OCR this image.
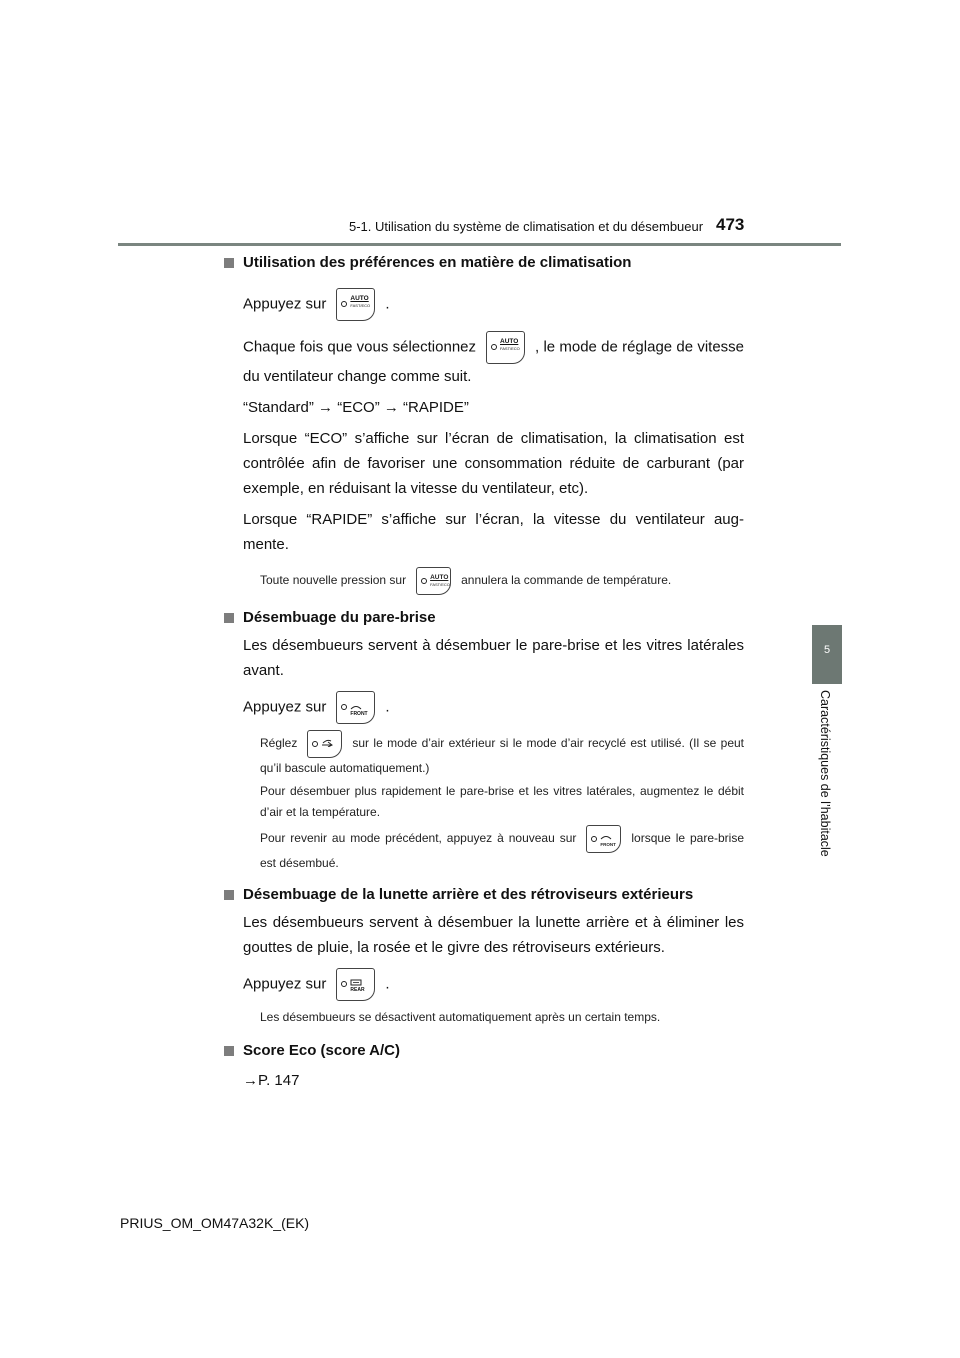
5-1. Utilisation du système de climatisation et du désembueur 473
5
Caractéristiques de l’habitacle
Utilisation des préférences en matière de climatisation

Appuyez sur	AUTO
FAST/ECO .

Chaque fois que vous sélectionnez	AUTO
FAST/ECO , le mode de réglage de vitesse du ventilateur change comme suit.

“Standard” → “ECO” → “RAPIDE”

Lorsque “ECO” s’affiche sur l’écran de climatisation, la climatisation est contrôlée afin de favoriser une consommation réduite de carburant (par exemple, en réduisant la vitesse du ventilateur, etc).

Lorsque “RAPIDE” s’affiche sur l’écran, la vitesse du ventilateur aug-mente.

Toute nouvelle pression sur	AUTO
FAST/ECO annulera la commande de température.

Désembuage du pare-brise

Les désembueurs servent à désembuer le pare-brise et les vitres latérales avant.

Appuyez sur	FRONT .

Réglez	sur le mode d’air extérieur si le mode d’air recyclé est utilisé. (Il se peut qu’il bascule automatiquement.)

Pour désembuer plus rapidement le pare-brise et les vitres latérales, augmentez le débit d’air et la température.

Pour revenir au mode précédent, appuyez à nouveau sur	FRONT lorsque le pare-brise est désembué.

Désembuage de la lunette arrière et des rétroviseurs extérieurs

Les désembueurs servent à désembuer la lunette arrière et à éliminer les gouttes de pluie, la rosée et le givre des rétroviseurs extérieurs.

Appuyez sur	REAR .

Les désembueurs se désactivent automatiquement après un certain temps.

Score Eco (score A/C)

→P. 147

PRIUS_OM_OM47A32K_(EK)
